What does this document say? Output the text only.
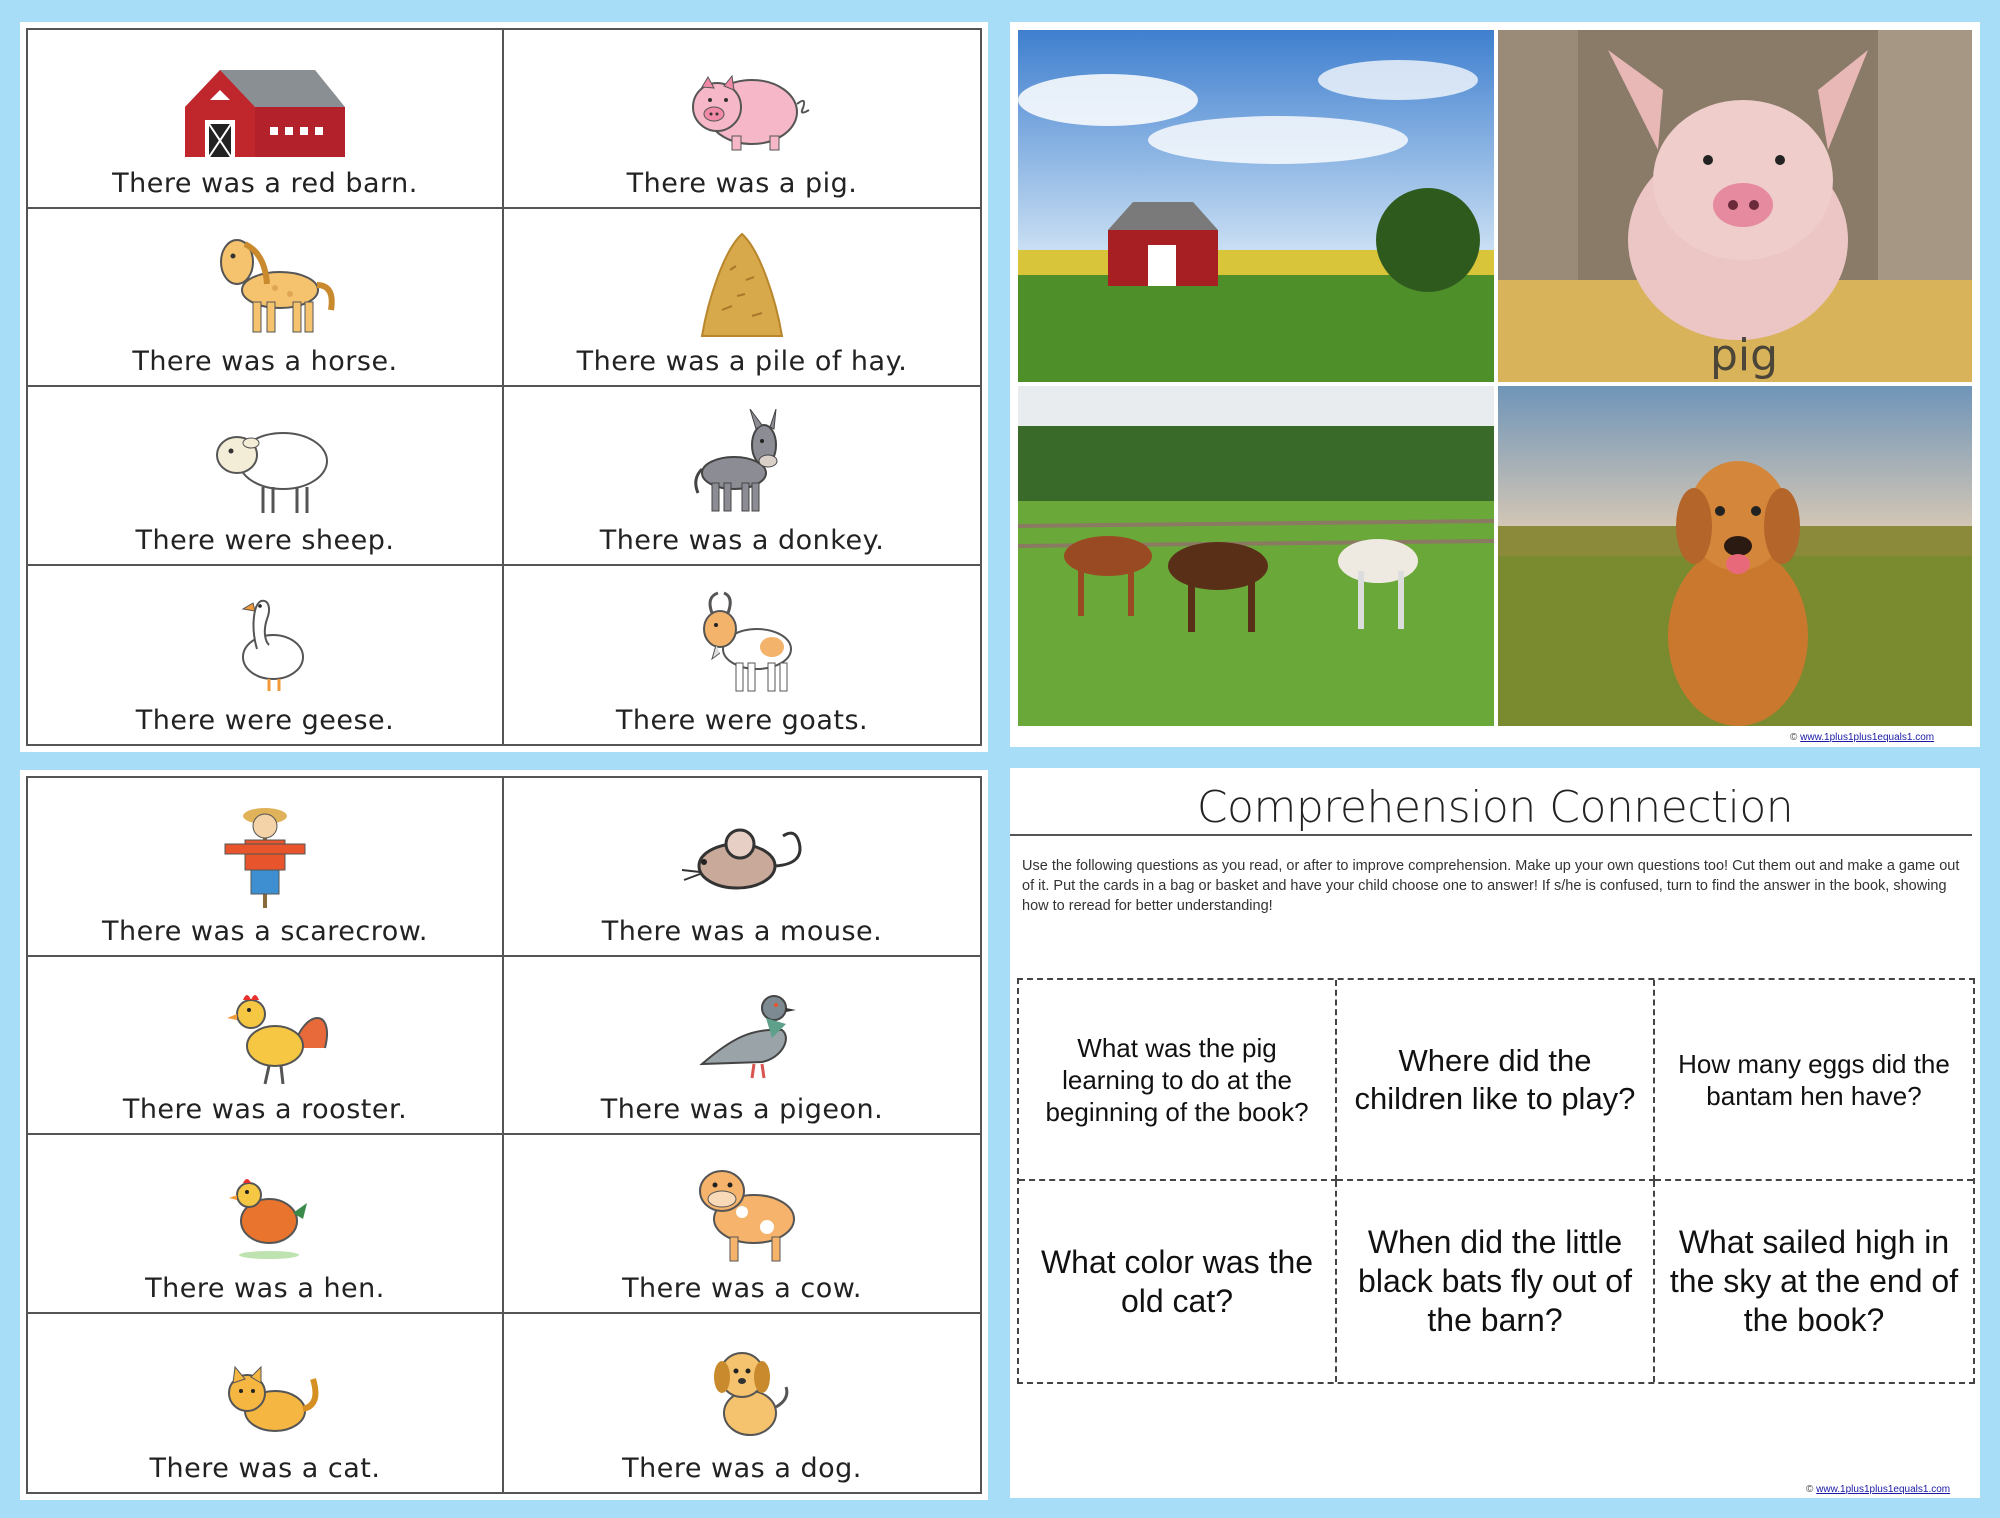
There was a red barn.	There was a pig.
There was a horse.	There was a pile of hay.
There were sheep.	There was a donkey.
There were geese.	There were goats.
There was a scarecrow.	There was a mouse.
There was a rooster.	There was a pigeon.
There was a hen.	There was a cow.
There was a cat.	There was a dog.
pig
© www.1plus1plus1equals1.com
Comprehension Connection
Use the following questions as you read, or after to improve comprehension. Make up your own questions too! Cut them out and make a game out of it. Put the cards in a bag or basket and have your child choose one to answer! If s/he is confused, turn to find the answer in the book, showing how to reread for better understanding!
What was the pig learning to do at the beginning of the book?
Where did the children like to play?
How many eggs did the bantam hen have?
What color was the old cat?
When did the little black bats fly out of the barn?
What sailed high in the sky at the end of the book?
© www.1plus1plus1equals1.com
